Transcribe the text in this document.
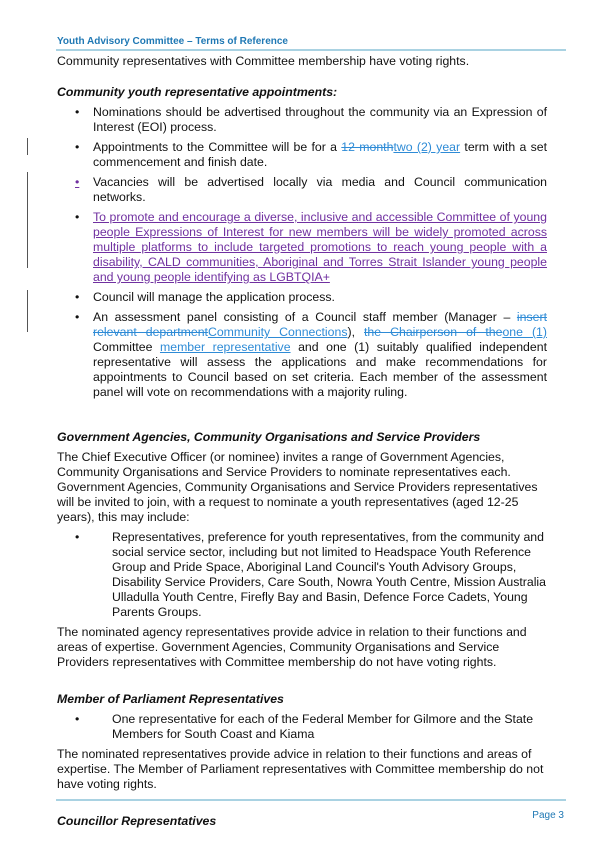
Youth Advisory Committee – Terms of Reference

Community representatives with Committee membership have voting rights.

Community youth representative appointments:

• Nominations should be advertised throughout the community via an Expression of Interest (EOI) process.
• Appointments to the Committee will be for a 12 monthtwo (2) year term with a set commencement and finish date.
•	Vacancies will be advertised locally via media and Council communication networks.
• To promote and encourage a diverse, inclusive and accessible Committee of young people Expressions of Interest for new members will be widely promoted across multiple platforms to include targeted promotions to reach young people with a disability, CALD communities, Aboriginal and Torres Strait Islander young people and young people identifying as LGBTQIA+
• Council will manage the application process.
• An assessment panel consisting of a Council staff member (Manager – insert relevant departmentCommunity Connections), the Chairperson of theone (1) Committee member representative and one (1) suitably qualified independent representative will assess the applications and make recommendations for appointments to Council based on set criteria. Each member of the assessment panel will vote on recommendations with a majority ruling.

Government Agencies, Community Organisations and Service Providers

The Chief Executive Officer (or nominee) invites a range of Government Agencies, Community Organisations and Service Providers to nominate representatives each. Government Agencies, Community Organisations and Service Providers representatives will be invited to join, with a request to nominate a youth representatives (aged 12-25 years), this may include:

•	Representatives, preference for youth representatives, from the community and social service sector, including but not limited to Headspace Youth Reference Group and Pride Space, Aboriginal Land Council's Youth Advisory Groups, Disability Service Providers, Care South, Nowra Youth Centre, Mission Australia Ulladulla Youth Centre, Firefly Bay and Basin, Defence Force Cadets, Young Parents Groups.

The nominated agency representatives provide advice in relation to their functions and areas of expertise. Government Agencies, Community Organisations and Service Providers representatives with Committee membership do not have voting rights.

Member of Parliament Representatives

•	One representative for each of the Federal Member for Gilmore and the State Members for South Coast and Kiama

The nominated representatives provide advice in relation to their functions and areas of expertise. The Member of Parliament representatives with Committee membership do not have voting rights.

Councillor Representatives	Page 3
